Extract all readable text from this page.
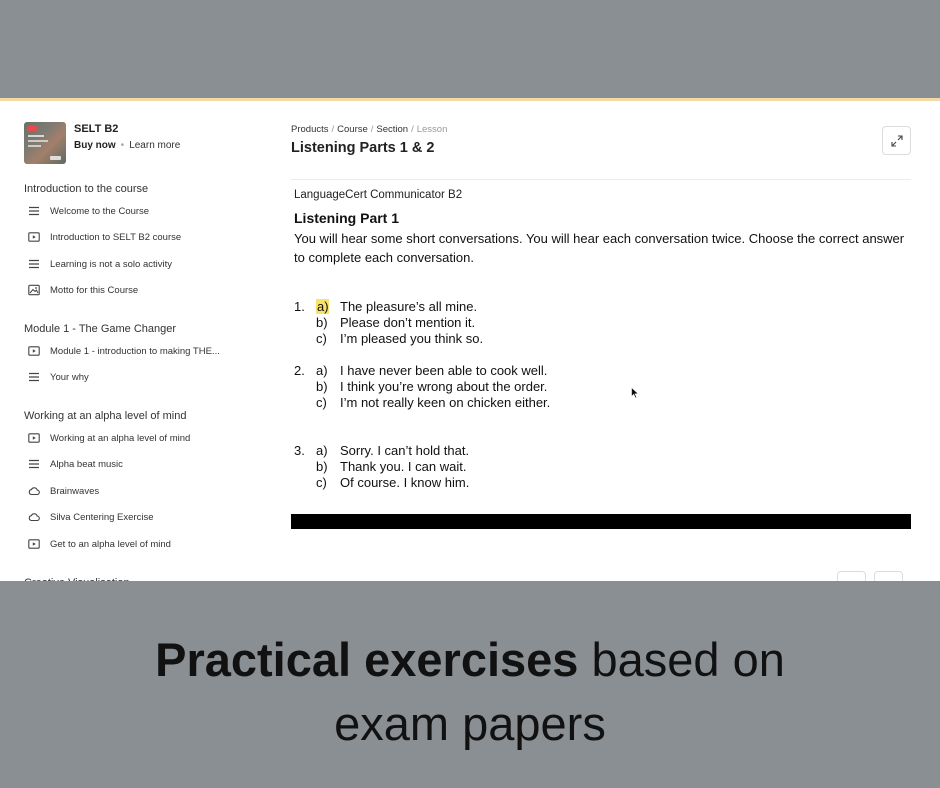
SELT B2
Buy now • Learn more
Introduction to the course
Welcome to the Course
Introduction to SELT B2 course
Learning is not a solo activity
Motto for this Course
Module 1 - The Game Changer
Module 1 - introduction to making THE...
Your why
Working at an alpha level of mind
Working at an alpha level of mind
Alpha beat music
Brainwaves
Silva Centering Exercise
Get to an alpha level of mind
Products / Course / Section / Lesson
Listening Parts 1 & 2
LanguageCert Communicator B2
Listening Part 1
You will hear some short conversations. You will hear each conversation twice. Choose the correct answer to complete each conversation.
1. a) The pleasure’s all mine.
b) Please don’t mention it.
c) I’m pleased you think so.
2. a) I have never been able to cook well.
b) I think you’re wrong about the order.
c) I’m not really keen on chicken either.
3. a) Sorry. I can’t hold that.
b) Thank you. I can wait.
c) Of course. I know him.
Practical exercises based on
exam papers
